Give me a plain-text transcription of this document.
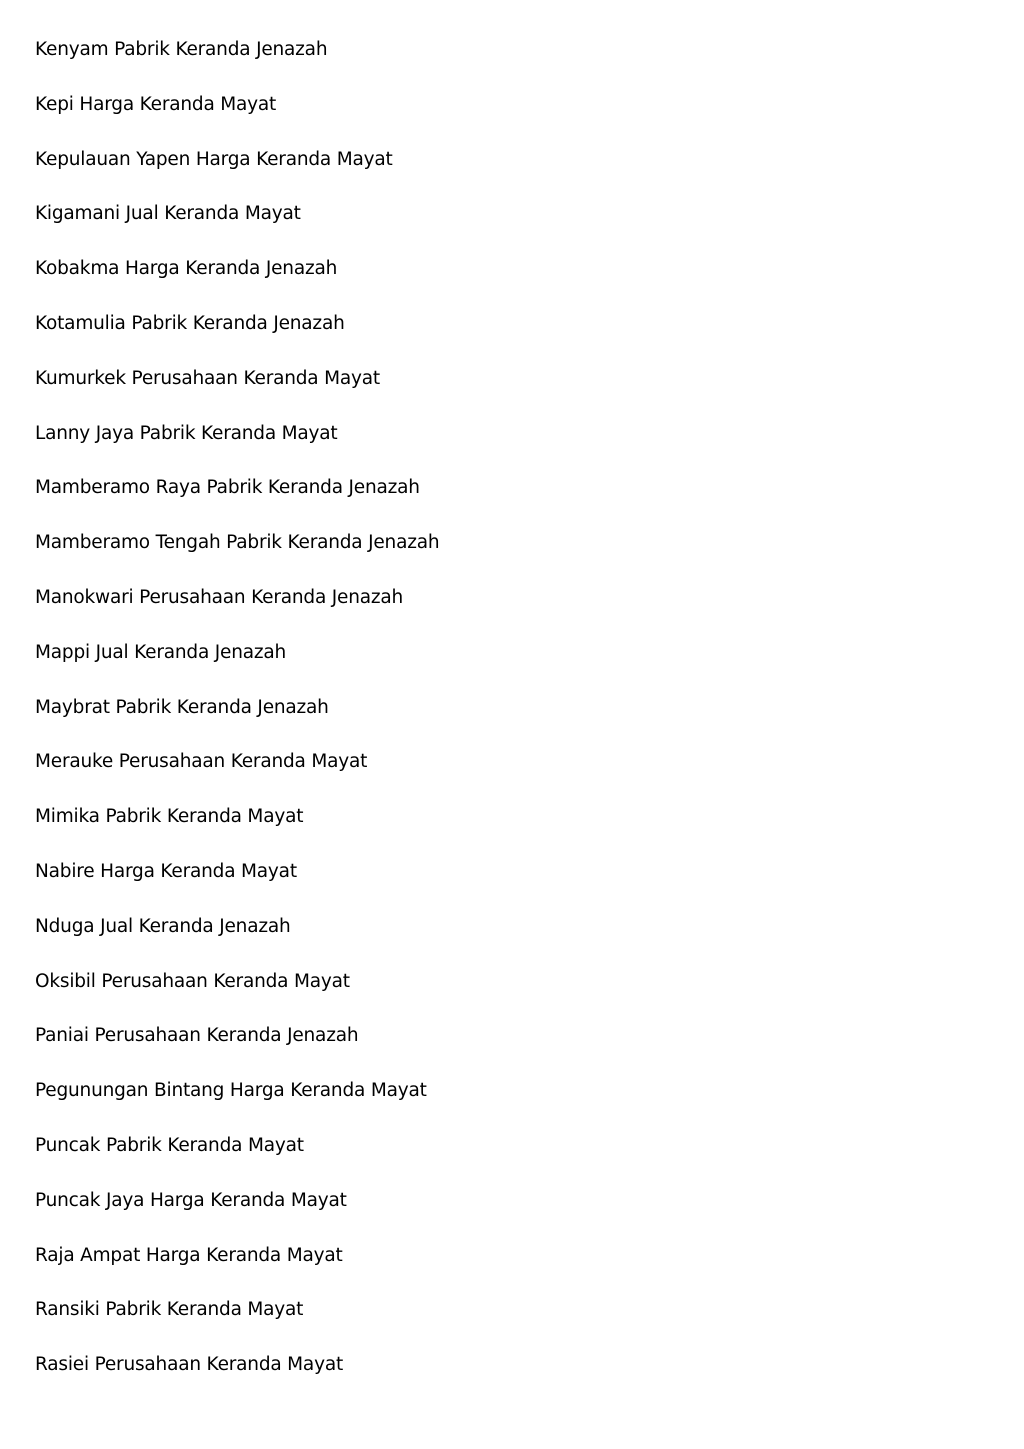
Kenyam Pabrik Keranda Jenazah
Kepi Harga Keranda Mayat
Kepulauan Yapen Harga Keranda Mayat
Kigamani Jual Keranda Mayat
Kobakma Harga Keranda Jenazah
Kotamulia Pabrik Keranda Jenazah
Kumurkek Perusahaan Keranda Mayat
Lanny Jaya Pabrik Keranda Mayat
Mamberamo Raya Pabrik Keranda Jenazah
Mamberamo Tengah Pabrik Keranda Jenazah
Manokwari Perusahaan Keranda Jenazah
Mappi Jual Keranda Jenazah
Maybrat Pabrik Keranda Jenazah
Merauke Perusahaan Keranda Mayat
Mimika Pabrik Keranda Mayat
Nabire Harga Keranda Mayat
Nduga Jual Keranda Jenazah
Oksibil Perusahaan Keranda Mayat
Paniai Perusahaan Keranda Jenazah
Pegunungan Bintang Harga Keranda Mayat
Puncak Pabrik Keranda Mayat
Puncak Jaya Harga Keranda Mayat
Raja Ampat Harga Keranda Mayat
Ransiki Pabrik Keranda Mayat
Rasiei Perusahaan Keranda Mayat
